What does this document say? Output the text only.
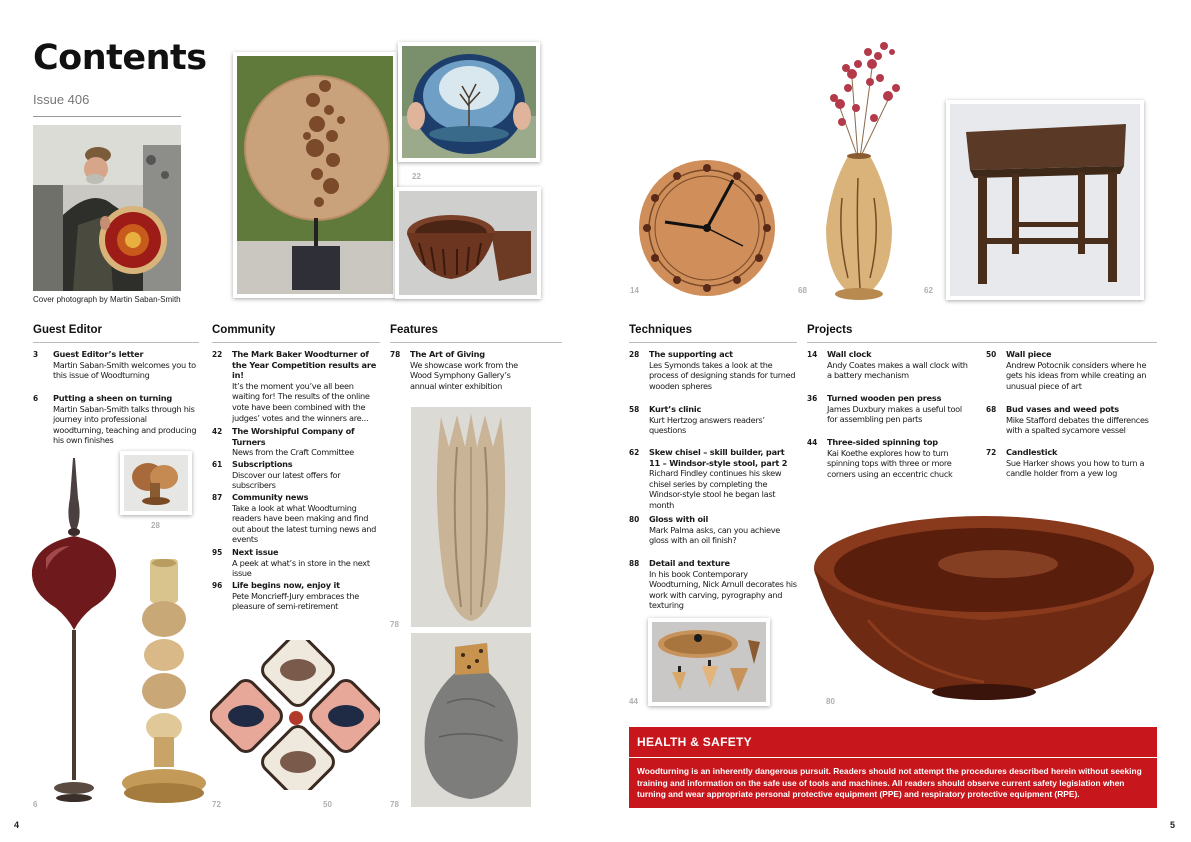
Contents
Issue 406
Cover photograph by Martin Saban-Smith
22
28
6	72	50
78
78
4
14	68	62
44	80
5
Guest Editor	Community	Features	Techniques	Projects
3 Guest Editor’s letter
Martin Saban-Smith welcomes you to this issue of Woodturning
6 Putting a sheen on turning
Martin Saban-Smith talks through his journey into professional woodturning, teaching and producing his own finishes
22 The Mark Baker Woodturner of the Year Competition results are in!
It’s the moment you’ve all been waiting for! The results of the online vote have been combined with the judges’ votes and the winners are...
42 The Worshipful Company of Turners
News from the Craft Committee
61 Subscriptions
Discover our latest offers for subscribers
87 Community news
Take a look at what Woodturning readers have been making and find out about the latest turning news and events
95 Next issue
A peek at what’s in store in the next issue
96 Life begins now, enjoy it
Pete Moncrieff-Jury embraces the pleasure of semi-retirement
78 The Art of Giving
We showcase work from the Wood Symphony Gallery’s annual winter exhibition
28 The supporting act
Les Symonds takes a look at the process of designing stands for turned wooden spheres
58 Kurt’s clinic
Kurt Hertzog answers readers’ questions
62 Skew chisel – skill builder, part 11 – Windsor-style stool, part 2
Richard Findley continues his skew chisel series by completing the Windsor-style stool he began last month
80 Gloss with oil
Mark Palma asks, can you achieve gloss with an oil finish?
88 Detail and texture
In his book Contemporary Woodturning, Nick Arnull decorates his work with carving, pyrography and texturing
14 Wall clock
Andy Coates makes a wall clock with a battery mechanism
36 Turned wooden pen press
James Duxbury makes a useful tool for assembling pen parts
44 Three-sided spinning top
Kai Koethe explores how to turn spinning tops with three or more corners using an eccentric chuck
50 Wall piece
Andrew Potocnik considers where he gets his ideas from while creating an unusual piece of art
68 Bud vases and weed pots
Mike Stafford debates the differences with a spalted sycamore vessel
72 Candlestick
Sue Harker shows you how to turn a candle holder from a yew log
HEALTH & SAFETY
Woodturning is an inherently dangerous pursuit. Readers should not attempt the procedures described herein without seeking training and information on the safe use of tools and machines. All readers should observe current safety legislation when turning and wear appropriate personal protective equipment (PPE) and respiratory protective equipment (RPE).
